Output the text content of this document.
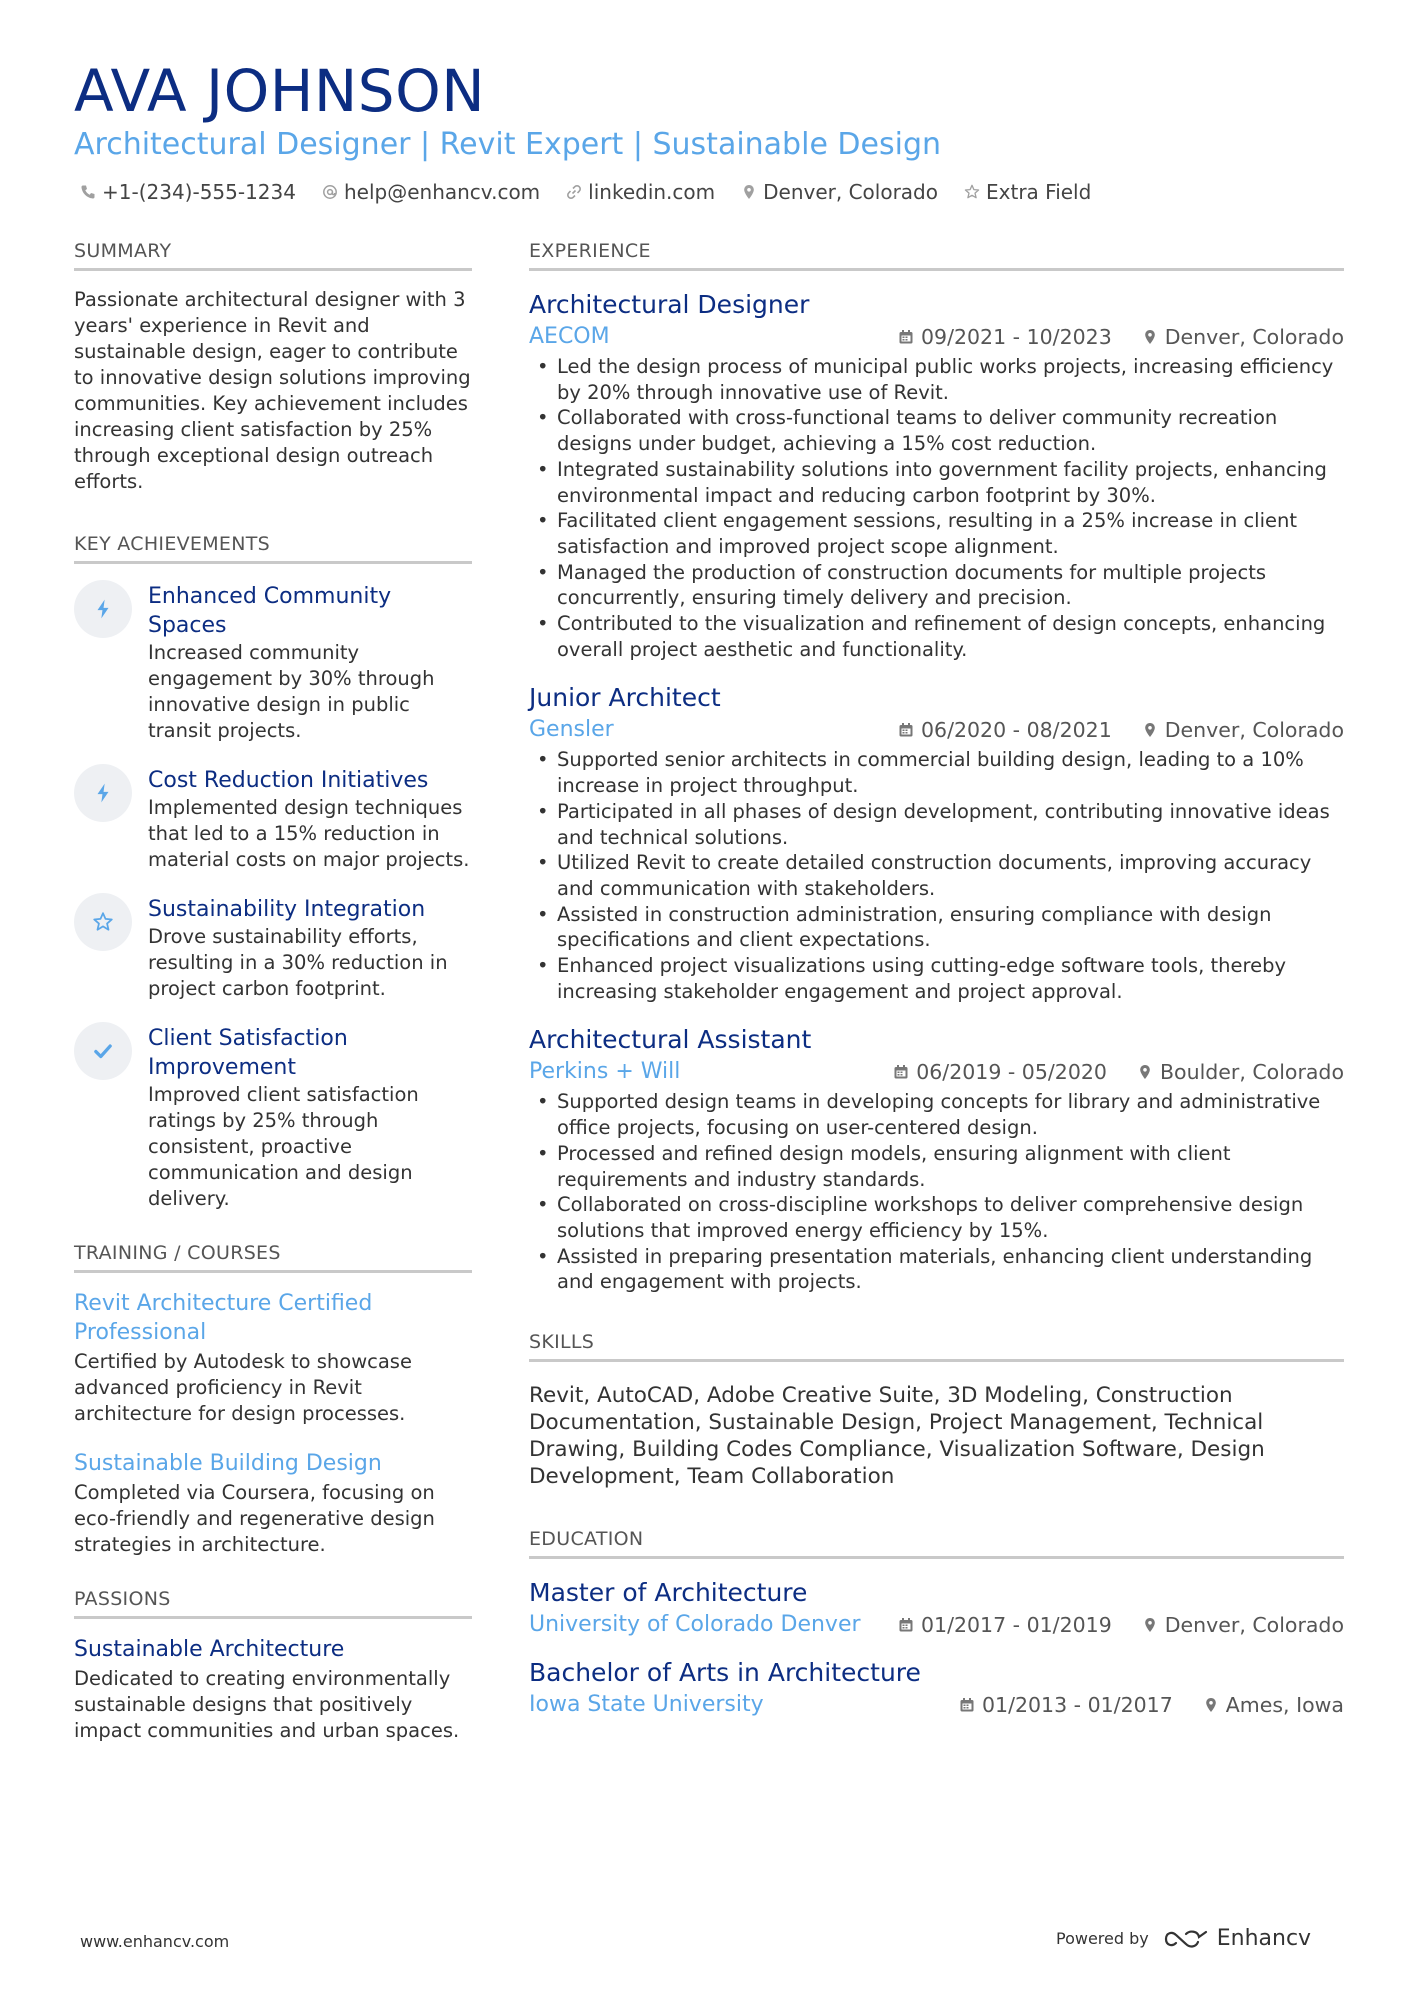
AVA JOHNSON
Architectural Designer | Revit Expert | Sustainable Design
+1-(234)-555-1234 help@enhancv.com linkedin.com Denver, Colorado Extra Field
SUMMARY
Passionate architectural designer with 3 years' experience in Revit and sustainable design, eager to contribute to innovative design solutions improving communities. Key achievement includes increasing client satisfaction by 25% through exceptional design outreach efforts.
KEY ACHIEVEMENTS
Enhanced Community Spaces
Increased community engagement by 30% through innovative design in public transit projects.
Cost Reduction Initiatives
Implemented design techniques that led to a 15% reduction in material costs on major projects.
Sustainability Integration
Drove sustainability efforts, resulting in a 30% reduction in project carbon footprint.
Client Satisfaction Improvement
Improved client satisfaction ratings by 25% through consistent, proactive communication and design delivery.
TRAINING / COURSES
Revit Architecture Certified Professional
Certified by Autodesk to showcase advanced proficiency in Revit architecture for design processes.
Sustainable Building Design
Completed via Coursera, focusing on eco-friendly and regenerative design strategies in architecture.
PASSIONS
Sustainable Architecture
Dedicated to creating environmentally sustainable designs that positively impact communities and urban spaces.
EXPERIENCE
Architectural Designer
AECOM	09/2021 - 10/2023	Denver, Colorado
• Led the design process of municipal public works projects, increasing efficiency by 20% through innovative use of Revit.
• Collaborated with cross-functional teams to deliver community recreation designs under budget, achieving a 15% cost reduction.
• Integrated sustainability solutions into government facility projects, enhancing environmental impact and reducing carbon footprint by 30%.
• Facilitated client engagement sessions, resulting in a 25% increase in client satisfaction and improved project scope alignment.
• Managed the production of construction documents for multiple projects concurrently, ensuring timely delivery and precision.
• Contributed to the visualization and refinement of design concepts, enhancing overall project aesthetic and functionality.
Junior Architect
Gensler	06/2020 - 08/2021	Denver, Colorado
• Supported senior architects in commercial building design, leading to a 10% increase in project throughput.
• Participated in all phases of design development, contributing innovative ideas and technical solutions.
• Utilized Revit to create detailed construction documents, improving accuracy and communication with stakeholders.
• Assisted in construction administration, ensuring compliance with design specifications and client expectations.
• Enhanced project visualizations using cutting-edge software tools, thereby increasing stakeholder engagement and project approval.
Architectural Assistant
Perkins + Will	06/2019 - 05/2020	Boulder, Colorado
• Supported design teams in developing concepts for library and administrative office projects, focusing on user-centered design.
• Processed and refined design models, ensuring alignment with client requirements and industry standards.
• Collaborated on cross-discipline workshops to deliver comprehensive design solutions that improved energy efficiency by 15%.
• Assisted in preparing presentation materials, enhancing client understanding and engagement with projects.
SKILLS
Revit, AutoCAD, Adobe Creative Suite, 3D Modeling, Construction Documentation, Sustainable Design, Project Management, Technical Drawing, Building Codes Compliance, Visualization Software, Design Development, Team Collaboration
EDUCATION
Master of Architecture
University of Colorado Denver	01/2017 - 01/2019	Denver, Colorado
Bachelor of Arts in Architecture
Iowa State University	01/2013 - 01/2017	Ames, Iowa
www.enhancv.com	Powered by	Enhancv
